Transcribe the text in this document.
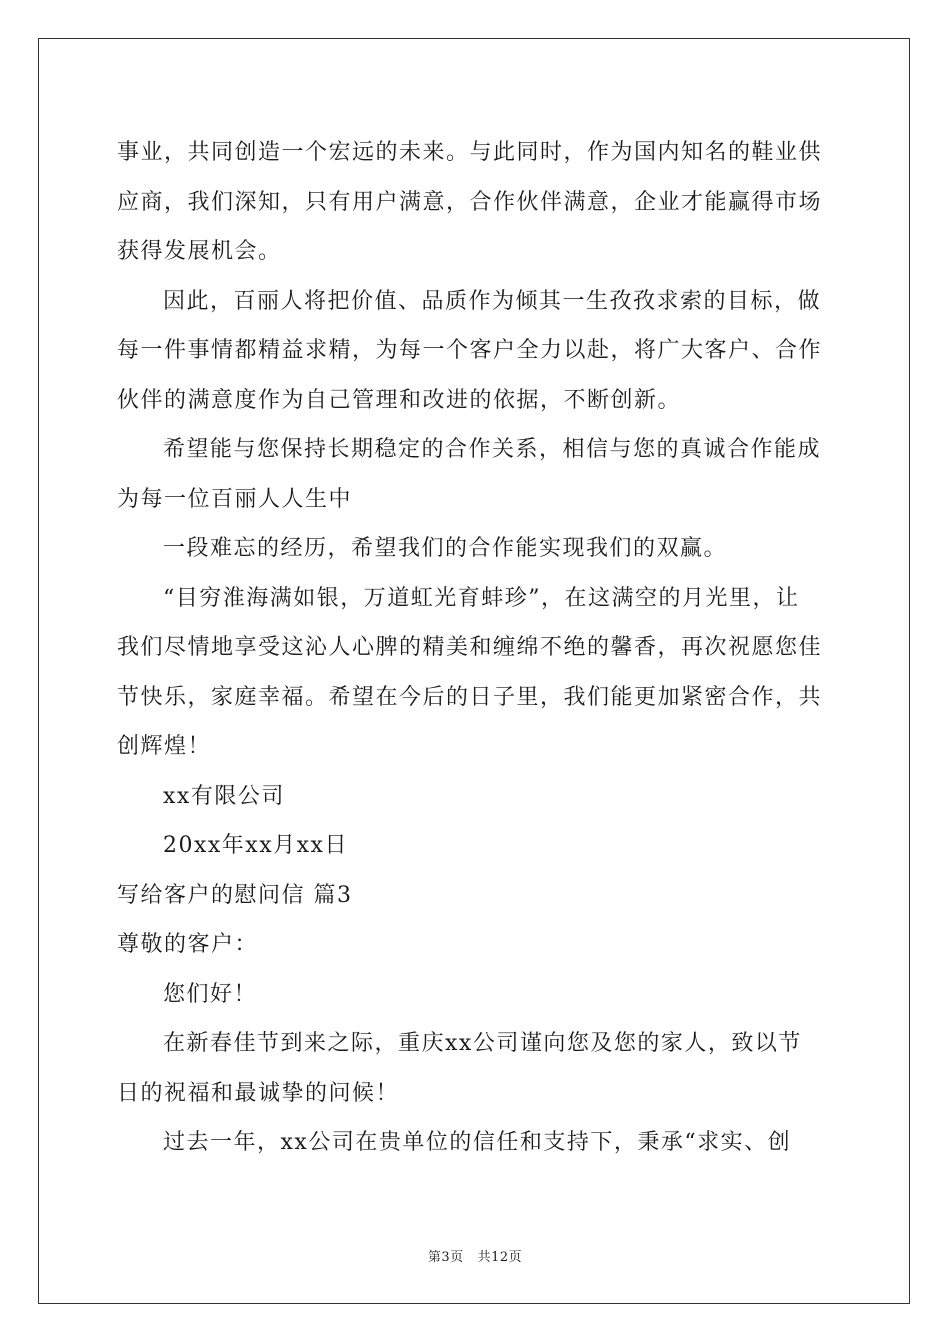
事业，共同创造一个宏远的未来。与此同时，作为国内知名的鞋业供
应商，我们深知，只有用户满意，合作伙伴满意，企业才能赢得市场
获得发展机会。
因此，百丽人将把价值、品质作为倾其一生孜孜求索的目标，做
每一件事情都精益求精，为每一个客户全力以赴，将广大客户、合作
伙伴的满意度作为自己管理和改进的依据，不断创新。
希望能与您保持长期稳定的合作关系，相信与您的真诚合作能成
为每一位百丽人人生中
一段难忘的经历，希望我们的合作能实现我们的双赢。
“目穷淮海满如银，万道虹光育蚌珍”，在这满空的月光里，让
我们尽情地享受这沁人心脾的精美和缠绵不绝的馨香，再次祝愿您佳
节快乐，家庭幸福。希望在今后的日子里，我们能更加紧密合作，共
创辉煌！
xx有限公司
20xx年xx月xx日
写给客户的慰问信 篇3
尊敬的客户：
您们好！
在新春佳节到来之际，重庆xx公司谨向您及您的家人，致以节
日的祝福和最诚挚的问候！
过去一年，xx公司在贵单位的信任和支持下，秉承“求实、创
第3页 共12页
